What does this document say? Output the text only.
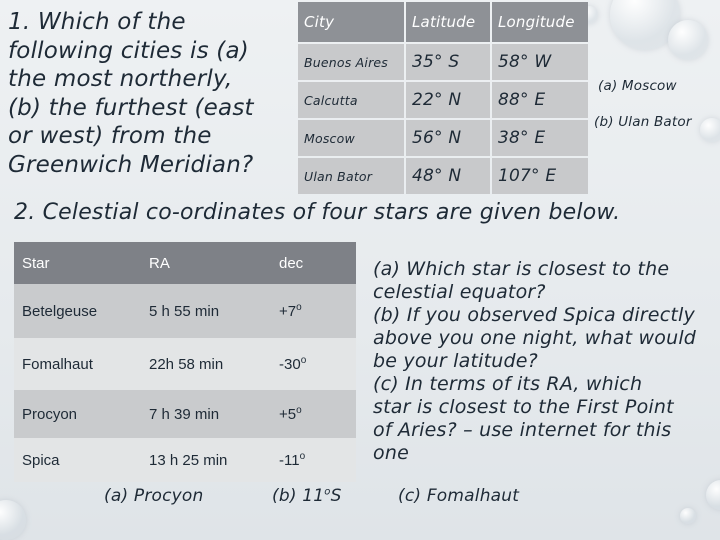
1. Which of the
following cities is (a)
the most northerly,
(b) the furthest (east
or west) from the
Greenwich Meridian?
City	Latitude	Longitude
Buenos Aires	35° S	58° W
Calcutta	22° N	88° E
Moscow	56° N	38° E
Ulan Bator	48° N	107° E
(a) Moscow
(b) Ulan Bator
2. Celestial co-ordinates of four stars are given below.
Star	RA	dec
Betelgeuse	5 h 55 min	$+7^o$
Fomalhaut	22h 58 min	-30$^o$
Procyon	7 h 39 min	$+5^o$
Spica	13 h 25 min	-11$^o$
(a) Which star is closest to the
celestial equator?
(b) If you observed Spica directly
above you one night, what would
be your latitude?
(c) In terms of its RA, which
star is closest to the First Point
of Aries? – use internet for this
one
(a) Procyon	(b) 11$^o$S	(c) Fomalhaut
